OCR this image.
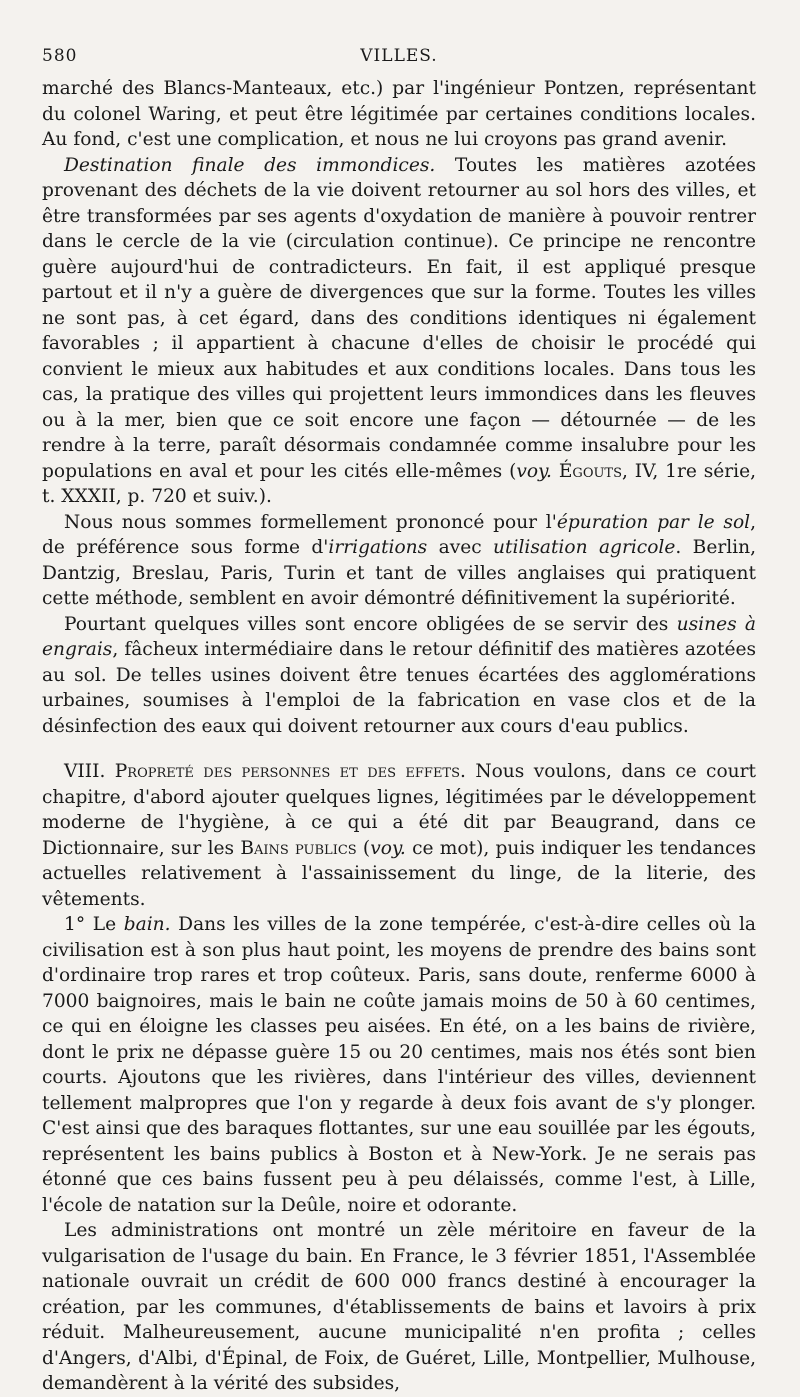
580	VILLES.

marché des Blancs-Manteaux, etc.) par l'ingénieur Pontzen, représentant du colonel Waring, et peut être légitimée par certaines conditions locales. Au fond, c'est une complication, et nous ne lui croyons pas grand avenir.

Destination finale des immondices. Toutes les matières azotées provenant des déchets de la vie doivent retourner au sol hors des villes, et être transformées par ses agents d'oxydation de manière à pouvoir rentrer dans le cercle de la vie (circulation continue). Ce principe ne rencontre guère aujourd'hui de contradicteurs. En fait, il est appliqué presque partout et il n'y a guère de divergences que sur la forme. Toutes les villes ne sont pas, à cet égard, dans des conditions identiques ni également favorables ; il appartient à chacune d'elles de choisir le procédé qui convient le mieux aux habitudes et aux conditions locales. Dans tous les cas, la pratique des villes qui projettent leurs immondices dans les fleuves ou à la mer, bien que ce soit encore une façon — détournée — de les rendre à la terre, paraît désormais condamnée comme insalubre pour les populations en aval et pour les cités elle-mêmes (voy. Égouts, IV, 1re série, t. XXXII, p. 720 et suiv.).

Nous nous sommes formellement prononcé pour l'épuration par le sol, de préférence sous forme d'irrigations avec utilisation agricole. Berlin, Dantzig, Breslau, Paris, Turin et tant de villes anglaises qui pratiquent cette méthode, semblent en avoir démontré définitivement la supériorité.

Pourtant quelques villes sont encore obligées de se servir des usines à engrais, fâcheux intermédiaire dans le retour définitif des matières azotées au sol. De telles usines doivent être tenues écartées des agglomérations urbaines, soumises à l'emploi de la fabrication en vase clos et de la désinfection des eaux qui doivent retourner aux cours d'eau publics.

VIII. Propreté des personnes et des effets. Nous voulons, dans ce court chapitre, d'abord ajouter quelques lignes, légitimées par le développement moderne de l'hygiène, à ce qui a été dit par Beaugrand, dans ce Dictionnaire, sur les Bains publics (voy. ce mot), puis indiquer les tendances actuelles relativement à l'assainissement du linge, de la literie, des vêtements.

1° Le bain. Dans les villes de la zone tempérée, c'est-à-dire celles où la civilisation est à son plus haut point, les moyens de prendre des bains sont d'ordinaire trop rares et trop coûteux. Paris, sans doute, renferme 6000 à 7000 baignoires, mais le bain ne coûte jamais moins de 50 à 60 centimes, ce qui en éloigne les classes peu aisées. En été, on a les bains de rivière, dont le prix ne dépasse guère 15 ou 20 centimes, mais nos étés sont bien courts. Ajoutons que les rivières, dans l'intérieur des villes, deviennent tellement malpropres que l'on y regarde à deux fois avant de s'y plonger. C'est ainsi que des baraques flottantes, sur une eau souillée par les égouts, représentent les bains publics à Boston et à New-York. Je ne serais pas étonné que ces bains fussent peu à peu délaissés, comme l'est, à Lille, l'école de natation sur la Deûle, noire et odorante.

Les administrations ont montré un zèle méritoire en faveur de la vulgarisation de l'usage du bain. En France, le 3 février 1851, l'Assemblée nationale ouvrait un crédit de 600 000 francs destiné à encourager la création, par les communes, d'établissements de bains et lavoirs à prix réduit. Malheureusement, aucune municipalité n'en profita ; celles d'Angers, d'Albi, d'Épinal, de Foix, de Guéret, Lille, Montpellier, Mulhouse, demandèrent à la vérité des subsides,
